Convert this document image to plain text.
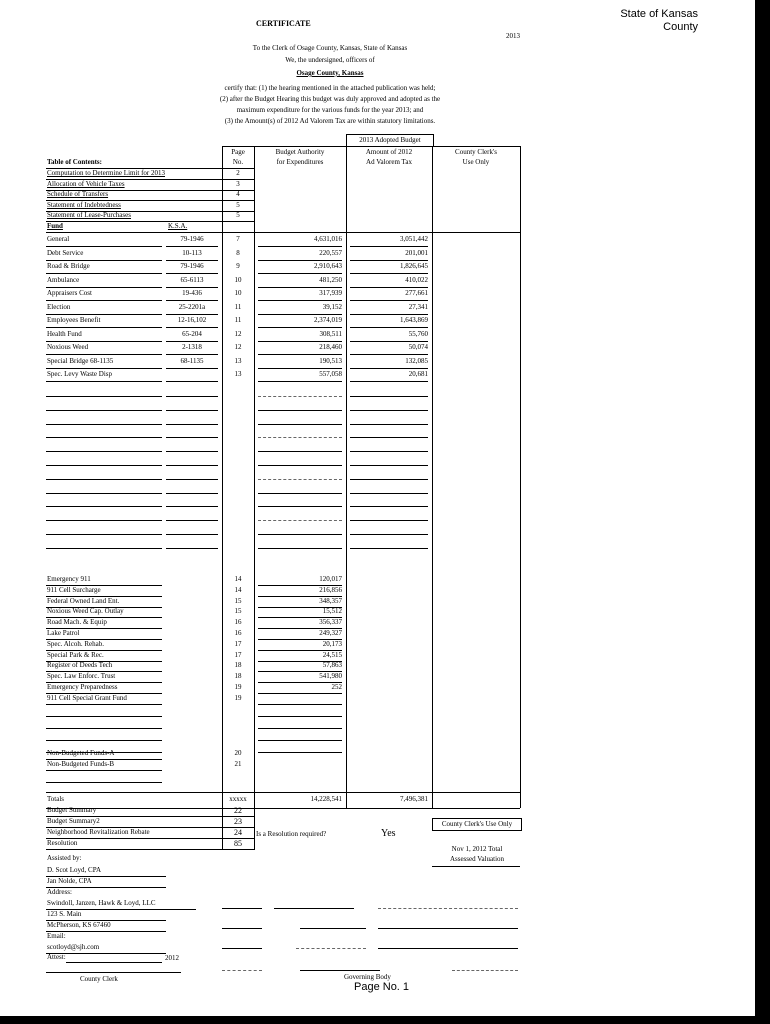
State of Kansas
County
CERTIFICATE
2013
To the Clerk of Osage County, Kansas, State of Kansas
We, the undersigned, officers of
Osage County, Kansas
certify that: (1) the hearing mentioned in the attached publication was held;
(2) after the Budget Hearing this budget was duly approved and adopted as the
maximum expenditure for the various funds for the year 2013; and
(3) the Amount(s) of 2012 Ad Valorem Tax are within statutory limitations.
2013 Adopted Budget
Table of Contents:
Page
No.
Budget Authority
for Expenditures
Amount of 2012
Ad Valorem Tax
County Clerk's
Use Only
Computation to Determine Limit for 2013	2
Allocation of Vehicle Taxes	3
Schedule of Transfers	4
Statement of Indebtedness	5
Statement of Lease-Purchases	5
Fund	K.S.A.
General	79-1946	7	4,631,016	3,051,442
Debt Service	10-113	8	220,557	201,001
Road & Bridge	79-1946	9	2,910,643	1,826,645
Ambulance	65-6113	10	481,250	410,022
Appraisers Cost	19-436	10	317,939	277,661
Election	25-2201a	11	39,152	27,341
Employees Benefit	12-16,102	11	2,374,019	1,643,869
Health Fund	65-204	12	308,511	55,760
Noxious Weed	2-1318	12	218,460	50,074
Special Bridge 68-1135	68-1135	13	190,513	132,085
Spec. Levy Waste Disp	13	557,058	20,681
Emergency 911	14	120,017
911 Cell Surcharge	14	216,856
Federal Owned Land Ent.	15	348,357
Noxious Weed Cap. Outlay	15	15,512
Road Mach. & Equip	16	356,337
Lake Patrol	16	249,327
Spec. Alcoh. Rehab.	17	20,173
Special Park & Rec.	17	24,515
Register of Deeds Tech	18	57,863
Spec. Law Enforc. Trust	18	541,980
Emergency Preparedness	19	252
911 Cell Special Grant Fund	19
Non-Budgeted Funds-A	20
Non-Budgeted Funds-B	21
Totals	xxxxx	14,228,541	7,496,381
Budget Summary	22
Budget Summary2	23
Neighborhood Revitalization Rebate	24
Resolution	85
Is a Resolution required?	Yes
County Clerk's Use Only
Nov 1, 2012 Total
Assessed Valuation
Assisted by:
D. Scot Loyd, CPA
Jan Nolde, CPA
Address:
Swindoll, Janzen, Hawk & Loyd, LLC
123 S. Main
McPherson, KS 67460
Email:
scotloyd@sjh.com
Attest:	2012
County Clerk	Governing Body
Page No. 1
